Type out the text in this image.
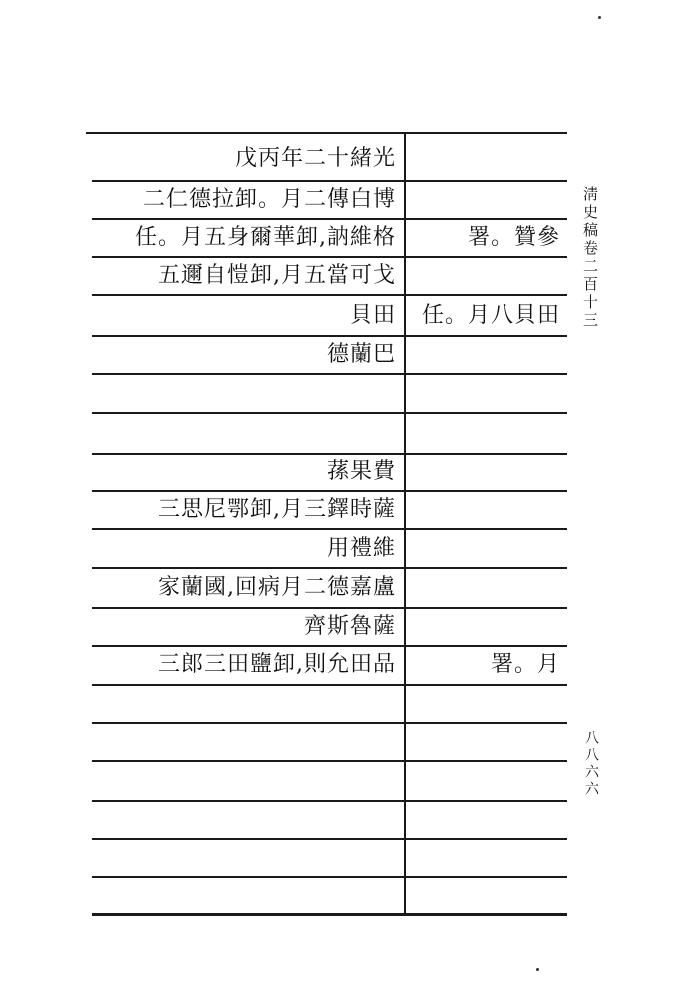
戊丙年二十緒光
二仁德拉卸。月二傳白博
任。月五身爾華卸,訥維格	署。贊參
五邇自愷卸,月五當可戈
貝田	任。月八貝田
德蘭巴
蓀果費
三思尼鄂卸,月三鐸時薩
用禮維
家蘭國,回病月二德嘉盧
齊斯魯薩
三郎三田鹽卸,則允田品	署。月
淸史稿卷二百十三
八八六六
